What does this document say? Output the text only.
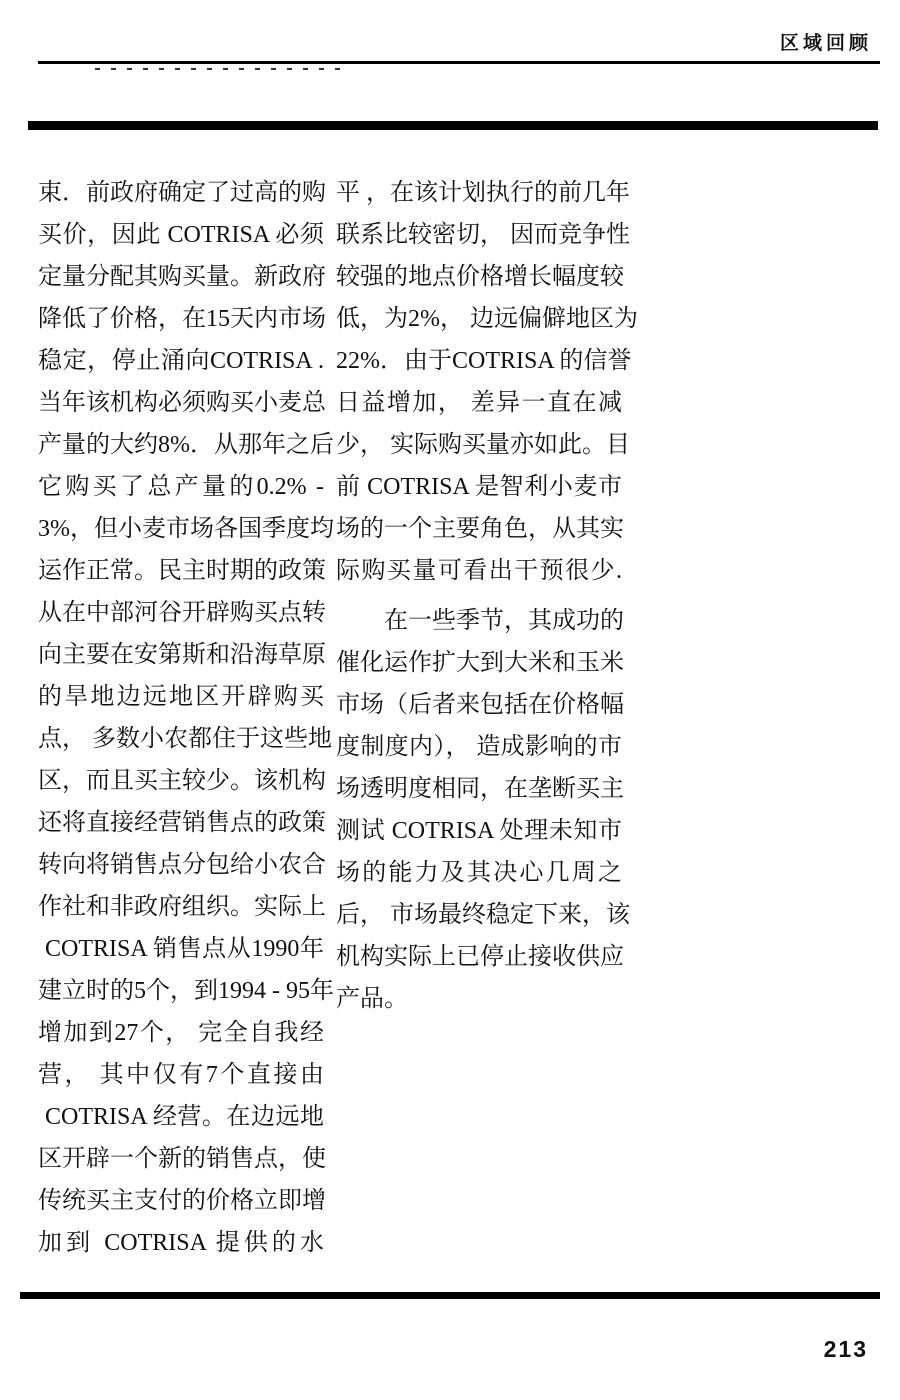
区域回顾
束．前政府确定了过高的购
买价，因此 COTRISA 必须
定量分配其购买量。新政府
降低了价格，在15天内市场
稳定，停止涌向COTRISA .
当年该机构必须购买小麦总
产量的大约8%．从那年之后
它购买了总产量的0.2% -
3%，但小麦市场各国季度均
运作正常。民主时期的政策
从在中部河谷开辟购买点转
向主要在安第斯和沿海草原
的旱地边远地区开辟购买
点， 多数小农都住于这些地
区，而且买主较少。该机构
还将直接经营销售点的政策
转向将销售点分包给小农合
作社和非政府组织。实际上
COTRISA 销售点从1990年
建立时的5个，到1994 - 95年
增加到27个， 完全自我经
营， 其中仅有7个直接由
COTRISA 经营。在边远地
区开辟一个新的销售点，使
传统买主支付的价格立即增
加到 COTRISA 提供的水
平 ，在该计划执行的前几年
联系比较密切， 因而竞争性
较强的地点价格增长幅度较
低，为2%， 边远偏僻地区为
22%．由于COTRISA 的信誉
日益增加， 差异一直在减
少， 实际购买量亦如此。目
前 COTRISA 是智利小麦市
场的一个主要角色，从其实
际购买量可看出干预很少.
在一些季节，其成功的
催化运作扩大到大米和玉米
市场（后者来包括在价格幅
度制度内）， 造成影响的市
场透明度相同，在垄断买主
测试 COTRISA 处理未知市
场的能力及其决心几周之
后， 市场最终稳定下来，该
机构实际上已停止接收供应
产品。
213
